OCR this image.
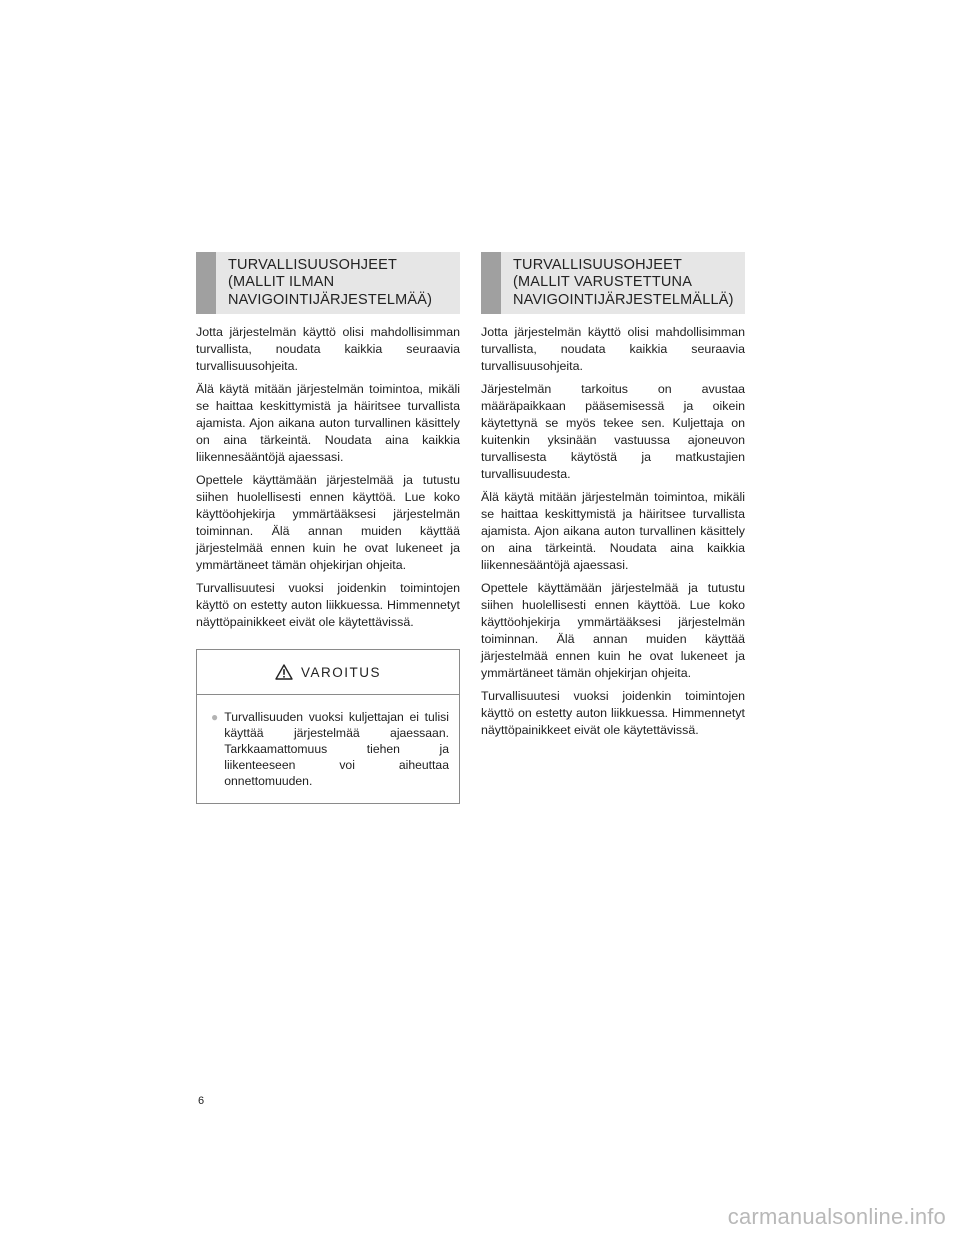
TURVALLISUUSOHJEET
(MALLIT ILMAN
NAVIGOINTIJÄRJESTELMÄÄ)

Jotta järjestelmän käyttö olisi mahdollisimman turvallista, noudata kaikkia seuraavia turvallisuusohjeita.

Älä käytä mitään järjestelmän toimintoa, mikäli se haittaa keskittymistä ja häiritsee turvallista ajamista. Ajon aikana auton turvallinen käsittely on aina tärkeintä. Noudata aina kaikkia liikennesääntöjä ajaessasi.

Opettele käyttämään järjestelmää ja tutustu siihen huolellisesti ennen käyttöä. Lue koko käyttöohjekirja ymmärtääksesi järjestelmän toiminnan. Älä annan muiden käyttää järjestelmää ennen kuin he ovat lukeneet ja ymmärtäneet tämän ohjekirjan ohjeita.

Turvallisuutesi vuoksi joidenkin toimintojen käyttö on estetty auton liikkuessa. Himmennetyt näyttöpainikkeet eivät ole käytettävissä.

VAROITUS
● Turvallisuuden vuoksi kuljettajan ei tulisi käyttää järjestelmää ajaessaan. Tarkkaamattomuus tiehen ja liikenteeseen voi aiheuttaa onnettomuuden.

TURVALLISUUSOHJEET
(MALLIT VARUSTETTUNA
NAVIGOINTIJÄRJESTELMÄLLÄ)

Jotta järjestelmän käyttö olisi mahdollisimman turvallista, noudata kaikkia seuraavia turvallisuusohjeita.

Järjestelmän tarkoitus on avustaa määräpaikkaan pääsemisessä ja oikein käytettynä se myös tekee sen. Kuljettaja on kuitenkin yksinään vastuussa ajoneuvon turvallisesta käytöstä ja matkustajien turvallisuudesta.

Älä käytä mitään järjestelmän toimintoa, mikäli se haittaa keskittymistä ja häiritsee turvallista ajamista. Ajon aikana auton turvallinen käsittely on aina tärkeintä. Noudata aina kaikkia liikennesääntöjä ajaessasi.

Opettele käyttämään järjestelmää ja tutustu siihen huolellisesti ennen käyttöä. Lue koko käyttöohjekirja ymmärtääksesi järjestelmän toiminnan. Älä annan muiden käyttää järjestelmää ennen kuin he ovat lukeneet ja ymmärtäneet tämän ohjekirjan ohjeita.

Turvallisuutesi vuoksi joidenkin toimintojen käyttö on estetty auton liikkuessa. Himmennetyt näyttöpainikkeet eivät ole käytettävissä.

6
carmanualsonline.info
